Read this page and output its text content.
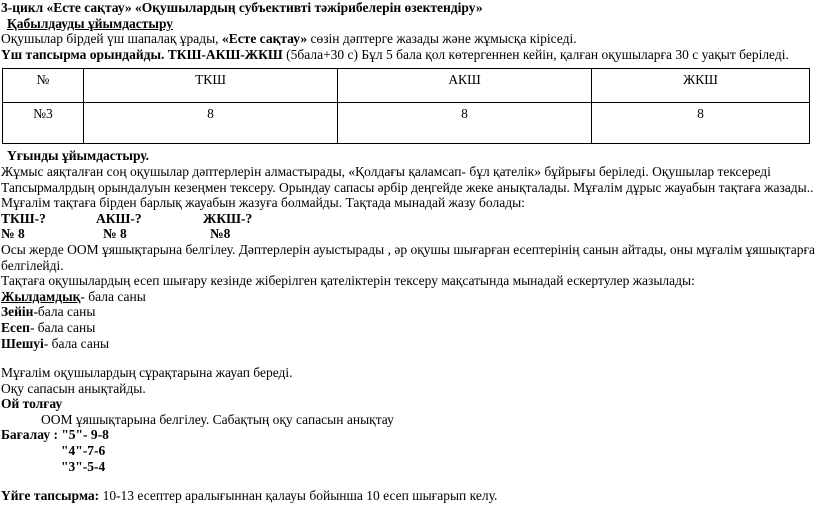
3-цикл «Есте сақтау» «Оқушылардың субъективті тәжірибелерін өзектендіру»
Қабылдауды ұйымдастыру
Оқушылар бірдей үш шапалақ ұрады, «Есте сақтау» сөзін дәптерге жазады және жұмысқа кіріседі.
Үш тапсырма орындайды. ТКШ-АКШ-ЖКШ (5бала+30 с) Бұл 5 бала қол көтергеннен кейін, қалған оқушыларға 30 с уақыт беріледі.
№	ТКШ	АКШ	ЖКШ
№3	8	8	8
Үғынды ұйымдастыру.
Жұмыс аяқталған соң оқушылар дәптерлерін алмастырады, «Қолдағы қаламсап- бұл қателік» бұйрығы беріледі. Оқушылар тексереді
Тапсырмалрдың орындалуын кезеңмен тексеру. Орындау сапасы әрбір деңгейде жеке анықталады. Мұғалім дұрыс жауабын тақтаға жазады..
Мұғалім тақтаға бірден барлық жауабын жазуға болмайды. Тақтада мынадай жазу болады:
ТКШ-?	АКШ-?	ЖКШ-?
№ 8	№ 8	№8
Осы жерде ООМ ұяшықтарына белгілеу. Дәптерлерін ауыстырады , әр оқушы шығарған есептерінің санын айтады, оны мұғалім ұяшықтарға
белгілейді.
Тақтаға оқушылардың есеп шығару кезінде жіберілген қателіктерін тексеру мақсатында мынадай ескертулер жазылады:
Жылдамдық- бала саны
Зейін-бала саны
Есеп- бала саны
Шешуі- бала саны
Мұғалім оқушылардың сұрақтарына жауап береді.
Оқу сапасын анықтайды.
Ой толғау
ООМ ұяшықтарына белгілеу. Сабақтың оқу сапасын анықтау
Бағалау : "5"- 9-8
"4"-7-6
"3"-5-4
Үйге тапсырма: 10-13 есептер аралығыннан қалауы бойынша 10 есеп шығарып келу.
